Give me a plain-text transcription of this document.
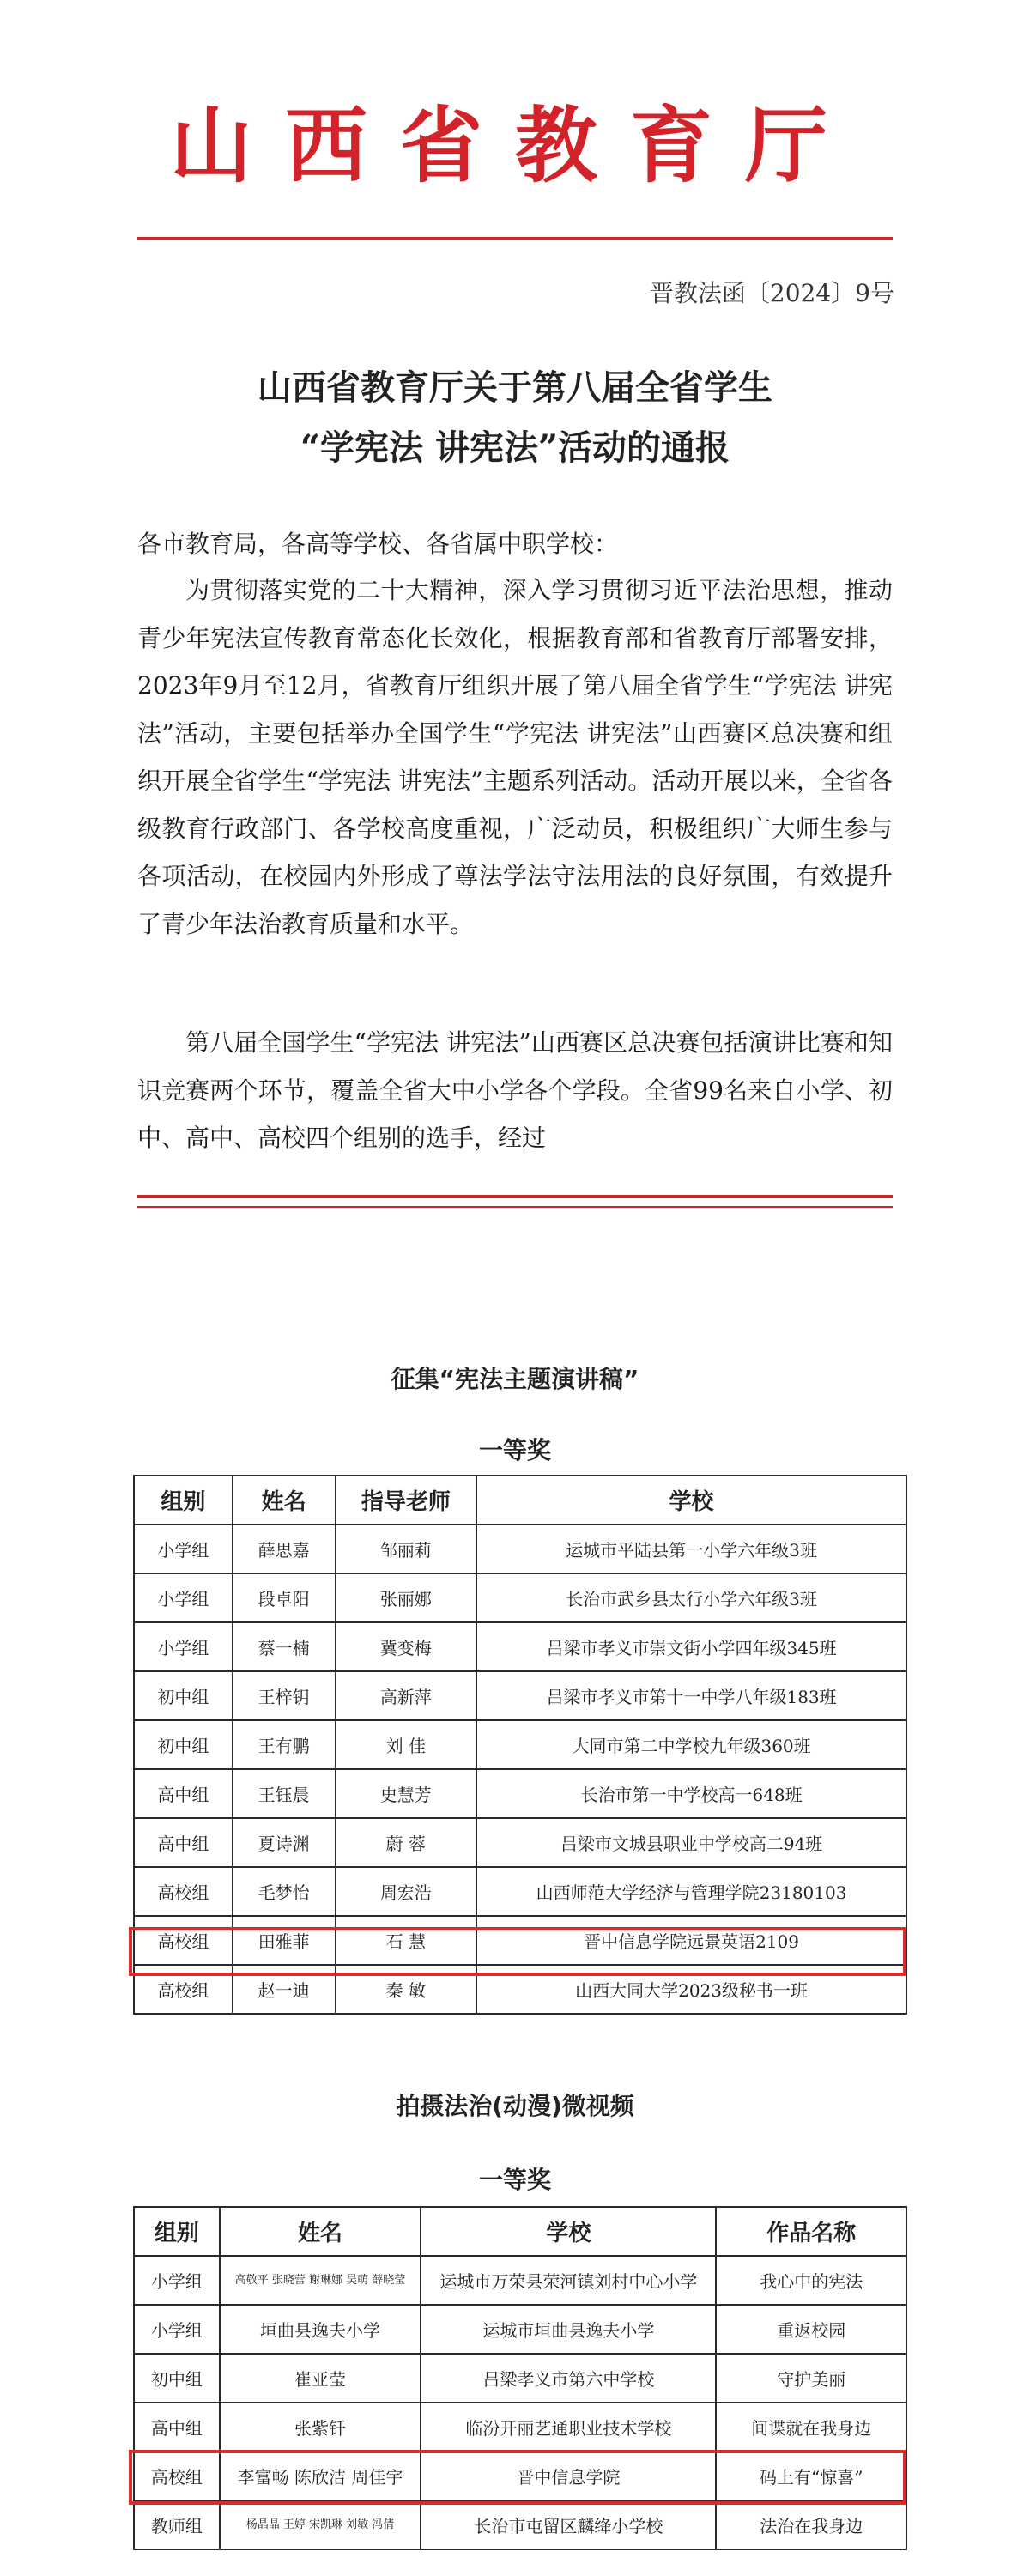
山西省教育厅
晋教法函〔2024〕9号
山西省教育厅关于第八届全省学生
“学宪法 讲宪法”活动的通报
各市教育局，各高等学校、各省属中职学校：
为贯彻落实党的二十大精神，深入学习贯彻习近平法治思想，推动青少年宪法宣传教育常态化长效化，根据教育部和省教育厅部署安排，2023年9月至12月，省教育厅组织开展了第八届全省学生“学宪法 讲宪法”活动，主要包括举办全国学生“学宪法 讲宪法”山西赛区总决赛和组织开展全省学生“学宪法 讲宪法”主题系列活动。活动开展以来，全省各级教育行政部门、各学校高度重视，广泛动员，积极组织广大师生参与各项活动，在校园内外形成了尊法学法守法用法的良好氛围，有效提升了青少年法治教育质量和水平。
第八届全国学生“学宪法 讲宪法”山西赛区总决赛包括演讲比赛和知识竞赛两个环节，覆盖全省大中小学各个学段。全省99名来自小学、初中、高中、高校四个组别的选手，经过
征集“宪法主题演讲稿”
一等奖
组别	姓名	指导老师	学校
小学组	薛思嘉	邹丽莉	运城市平陆县第一小学六年级3班
小学组	段卓阳	张丽娜	长治市武乡县太行小学六年级3班
小学组	蔡一楠	冀变梅	吕梁市孝义市崇文街小学四年级345班
初中组	王梓钥	高新萍	吕梁市孝义市第十一中学八年级183班
初中组	王有鹏	刘 佳	大同市第二中学校九年级360班
高中组	王钰晨	史慧芳	长治市第一中学校高一648班
高中组	夏诗渊	蔚 蓉	吕梁市文城县职业中学校高二94班
高校组	毛梦怡	周宏浩	山西师范大学经济与管理学院23180103
高校组	田雅菲	石 慧	晋中信息学院远景英语2109
高校组	赵一迪	秦 敏	山西大同大学2023级秘书一班
拍摄法治(动漫)微视频
一等奖
组别	姓名	学校	作品名称
小学组	高敬平 张晓蕾 谢琳娜 吴萌 薛晓莹	运城市万荣县荣河镇刘村中心小学	我心中的宪法
小学组	垣曲县逸夫小学	运城市垣曲县逸夫小学	重返校园
初中组	崔亚莹	吕梁孝义市第六中学校	守护美丽
高中组	张紫钎	临汾开丽艺通职业技术学校	间谍就在我身边
高校组	李富畅 陈欣洁 周佳宇	晋中信息学院	码上有“惊喜”
教师组	杨晶晶 王婷 宋凯琳 刘敏 冯倩	长治市屯留区麟绛小学校	法治在我身边
